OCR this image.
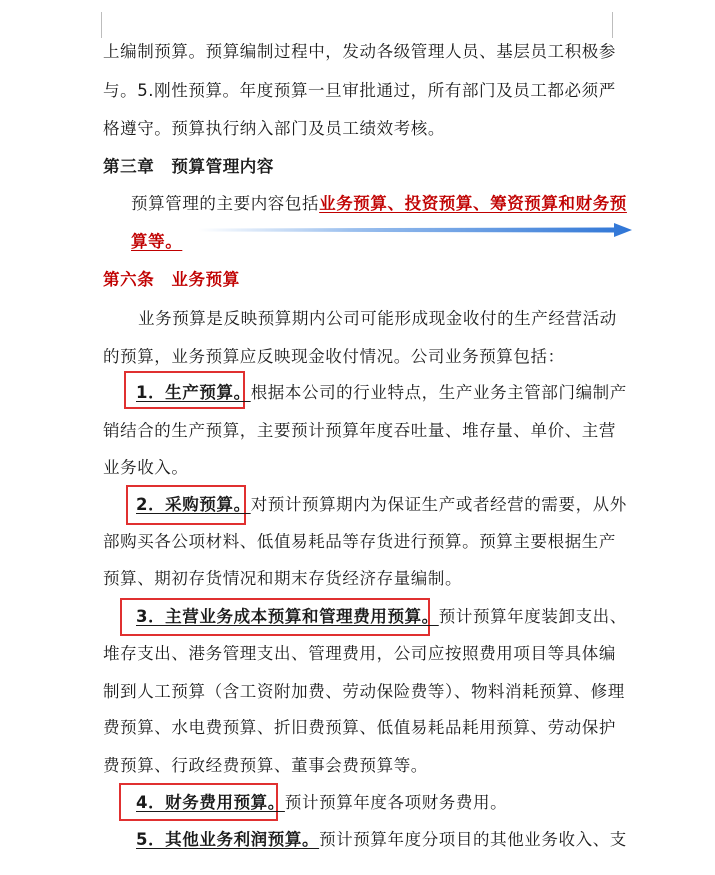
上编制预算。预算编制过程中，发动各级管理人员、基层员工积极参
与。5.刚性预算。年度预算一旦审批通过，所有部门及员工都必须严
格遵守。预算执行纳入部门及员工绩效考核。
第三章　预算管理内容
预算管理的主要内容包括业务预算、投资预算、筹资预算和财务预
算等。
第六条　业务预算
业务预算是反映预算期内公司可能形成现金收付的生产经营活动
的预算，业务预算应反映现金收付情况。公司业务预算包括：
1．生产预算。根据本公司的行业特点，生产业务主管部门编制产
销结合的生产预算，主要预计预算年度吞吐量、堆存量、单价、主营
业务收入。
2．采购预算。对预计预算期内为保证生产或者经营的需要，从外
部购买各公项材料、低值易耗品等存货进行预算。预算主要根据生产
预算、期初存货情况和期末存货经济存量编制。
3．主营业务成本预算和管理费用预算。预计预算年度装卸支出、
堆存支出、港务管理支出、管理费用，公司应按照费用项目等具体编
制到人工预算（含工资附加费、劳动保险费等）、物料消耗预算、修理
费预算、水电费预算、折旧费预算、低值易耗品耗用预算、劳动保护
费预算、行政经费预算、董事会费预算等。
4．财务费用预算。预计预算年度各项财务费用。
5．其他业务利润预算。预计预算年度分项目的其他业务收入、支
